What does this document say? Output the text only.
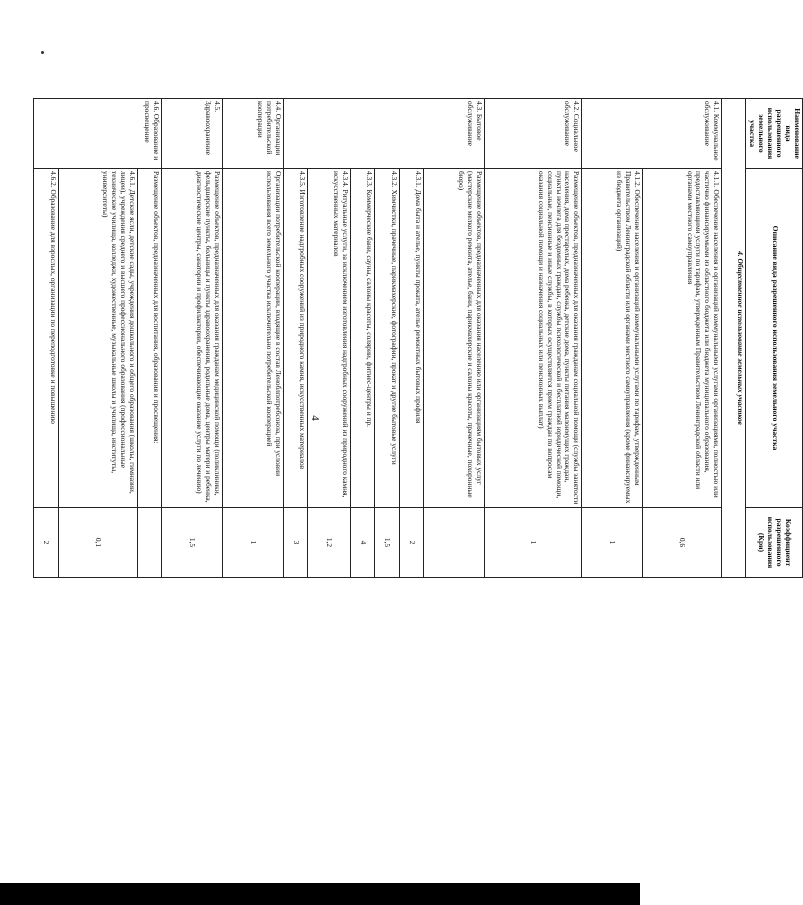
4
Наименование вида разрешенного использования земельного участка	Описание вида разрешенного использования земельного участка	Коэффициент разрешенного использования (Кри)
4. Общественное использование земельных участков		
4.1. Коммунальное обслуживание	4.1.1. Обеспечение населения и организаций коммунальными услугами организациями, полностью или частично финансируемыми из областного бюджета или бюджета муниципального образования, предоставляющими услуги по тарифам, утвержденным Правительством Ленинградской области или органами местного самоуправления	0,6
	4.1.2. Обеспечение населения и организаций коммунальными услугами по тарифам, утвержденным Правительством Ленинградской области или органами местного самоуправления (кроме финансируемых из бюджета организаций)	1
4.2. Социальное обслуживание	Размещение объектов, предназначенных для оказания гражданам социальной помощи (службы занятости населения, дома престарелых, дома ребенка, детские дома, пункты питания малоимущих граждан, пункты ночлега для бездомных граждан, службы психологической и бесплатной юридической помощи, социальные, пенсионные и иные службы, в которых осуществляется прием граждан по вопросам оказания социальной помощи и назначения социальных или пенсионных выплат)	1
4.3. Бытовое обслуживание	Размещение объектов, предназначенных для оказания населению или организациям бытовых услуг (мастерские мелкого ремонта, ателье, бани, парикмахерские и салоны красоты, прачечные, похоронные бюро)	
	4.3.1. Дома быта и ателье, пункты проката, ателье ремонтных бытовых профиля	2
	4.3.2. Химчистки, прачечные, парикмахерские, фотографии, прокат и другие бытовые услуги	1,5
	4.3.3. Коммерческие бани, сауны, салоны красоты, солярии, фитнес-центры и пр.	4
	4.3.4. Ритуальные услуги, за исключением изготовления надгробных сооружений из природного камня, искусственных материалов	1,2
	4.3.5. Изготовление надгробных сооружений из природного камня, искусственных материалов	3
4.4. Организации потребительской кооперации	Организации потребительской кооперации, входящие в состав Леноблпотребсоюза, при условии использования всего земельного участка исключительно потребительской кооперацией	1
4.5. Здравоохранение	Размещение объектов, предназначенных для оказания гражданам медицинской помощи (поликлиники, фельдшерские пункты, больницы и пункты здравоохранения, родильные дома, центры матери и ребенка, диагностические центры, санатории и профилактории, обеспечивающие оказание услуги по лечению)	1,5
4.6. Образование и просвещение	Размещение объектов, предназначенных для воспитания, образования и просвещения:	
	4.6.1. Детские ясли, детские сады, учреждения дошкольного и общего образования (школы, гимназии, лицеи), учреждения среднего и высшего профессионального образования (профессиональные технические училища, колледжи, художественные, музыкальные школы и училища, институты, университеты)	0,1
	4.6.2. Образование для взрослых, организации по переподготовке и повышению	2
